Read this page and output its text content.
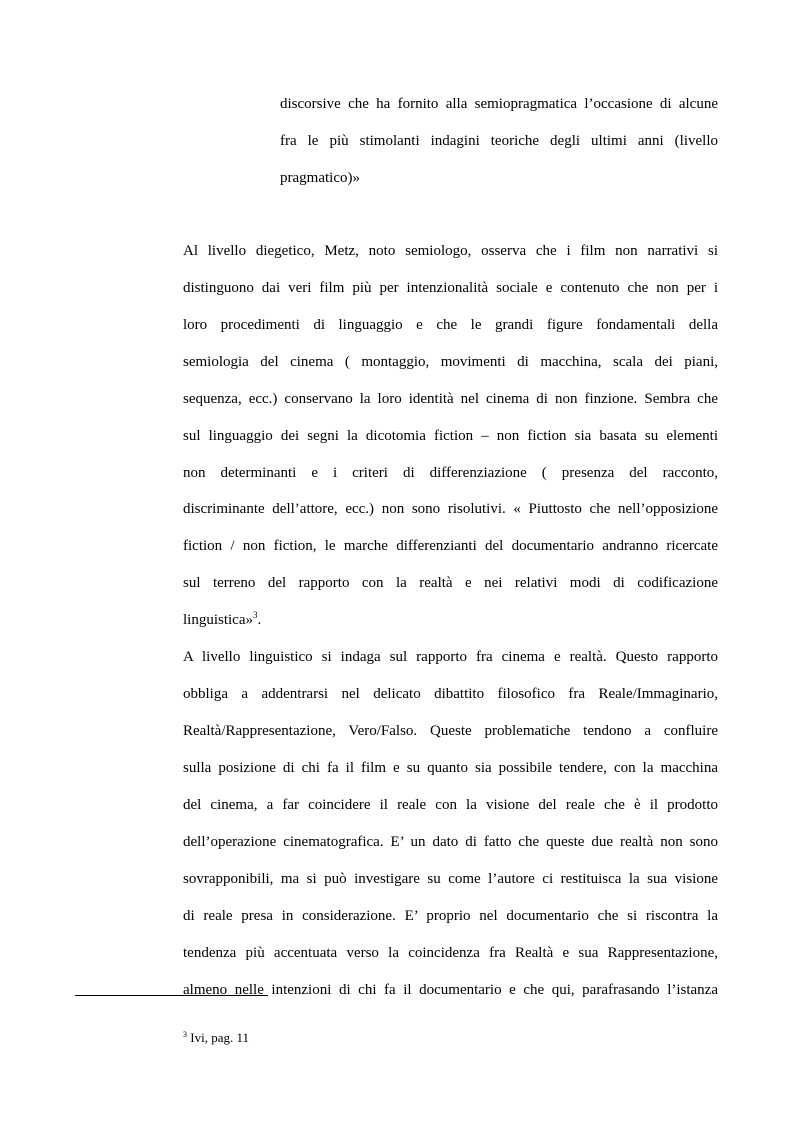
discorsive che ha fornito alla semiopragmatica l’occasione di alcune
fra le più stimolanti indagini teoriche degli ultimi anni (livello
pragmatico)»
Al livello diegetico, Metz, noto semiologo, osserva che i film non narrativi si
distinguono dai veri film più per intenzionalità sociale e contenuto che non per i
loro procedimenti di linguaggio e che le grandi figure fondamentali della
semiologia del cinema ( montaggio, movimenti di macchina, scala dei piani,
sequenza, ecc.) conservano la loro identità nel cinema di non finzione. Sembra che
sul linguaggio dei segni la dicotomia fiction – non fiction sia basata su elementi
non determinanti e i criteri di differenziazione ( presenza del racconto,
discriminante dell’attore, ecc.) non sono risolutivi. « Piuttosto che nell’opposizione
fiction / non fiction, le marche differenzianti del documentario andranno ricercate
sul terreno del rapporto con la realtà e nei relativi modi di codificazione
linguistica»$^3$.
A livello linguistico si indaga sul rapporto fra cinema e realtà. Questo rapporto
obbliga a addentrarsi nel delicato dibattito filosofico fra Reale/Immaginario,
Realtà/Rappresentazione, Vero/Falso. Queste problematiche tendono a confluire
sulla posizione di chi fa il film e su quanto sia possibile tendere, con la macchina
del cinema, a far coincidere il reale con la visione del reale che è il prodotto
dell’operazione cinematografica. E’ un dato di fatto che queste due realtà non sono
sovrapponibili, ma si può investigare su come l’autore ci restituisca la sua visione
di reale presa in considerazione. E’ proprio nel documentario che si riscontra la
tendenza più accentuata verso la coincidenza fra Realtà e sua Rappresentazione,
almeno nelle intenzioni di chi fa il documentario e che qui, parafrasando l’istanza
$^3$ Ivi, pag. 11
